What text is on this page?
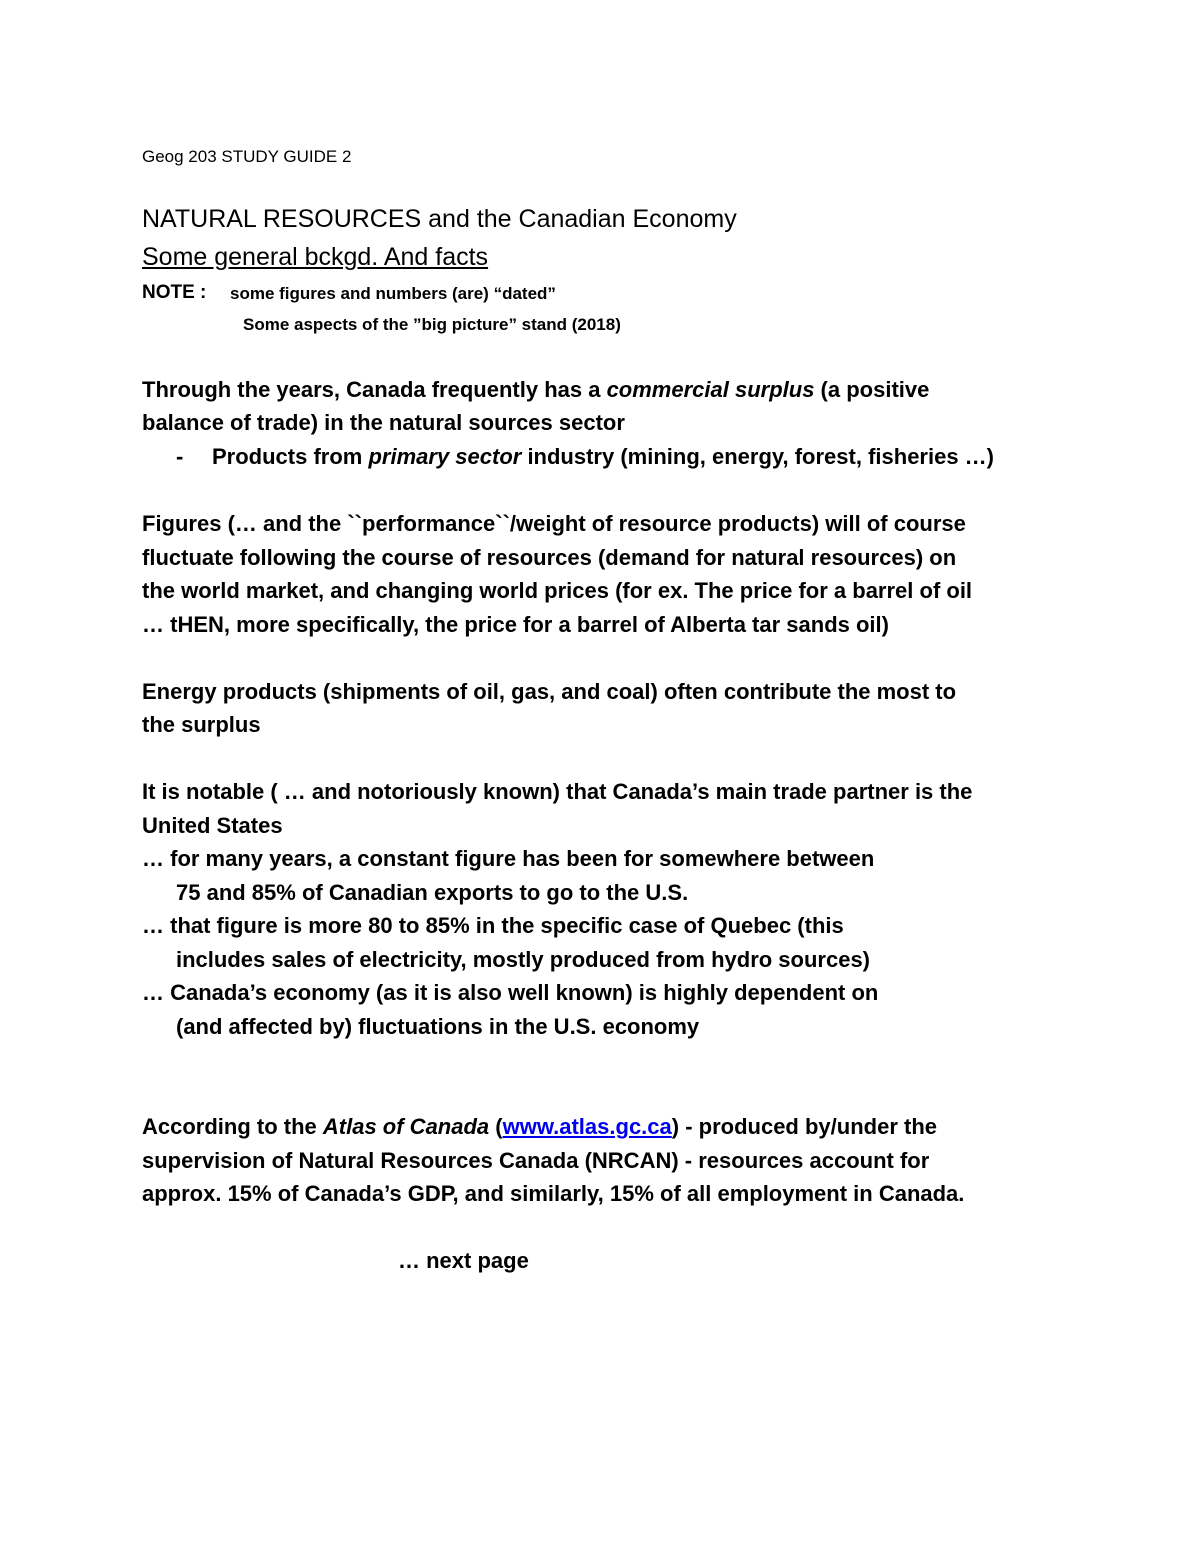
Geog 203 STUDY GUIDE 2
NATURAL RESOURCES and the Canadian Economy
Some general bckgd. And facts
NOTE : some figures and numbers (are) “dated”
Some aspects of the ”big picture” stand (2018)
Through the years, Canada frequently has a commercial surplus (a positive
balance of trade) in the natural sources sector
- Products from primary sector industry (mining, energy, forest, fisheries …)
Figures (… and the ``performance``/weight of resource products) will of course
fluctuate following the course of resources (demand for natural resources) on
the world market, and changing world prices (for ex. The price for a barrel of oil
… tHEN, more specifically, the price for a barrel of Alberta tar sands oil)
Energy products (shipments of oil, gas, and coal) often contribute the most to
the surplus
It is notable ( … and notoriously known) that Canada’s main trade partner is the
United States
… for many years, a constant figure has been for somewhere between
75 and 85% of Canadian exports to go to the U.S.
… that figure is more 80 to 85% in the specific case of Quebec (this
includes sales of electricity, mostly produced from hydro sources)
… Canada’s economy (as it is also well known) is highly dependent on
(and affected by) fluctuations in the U.S. economy
According to the Atlas of Canada (www.atlas.gc.ca) - produced by/under the
supervision of Natural Resources Canada (NRCAN) - resources account for
approx. 15% of Canada’s GDP, and similarly, 15% of all employment in Canada.
… next page
